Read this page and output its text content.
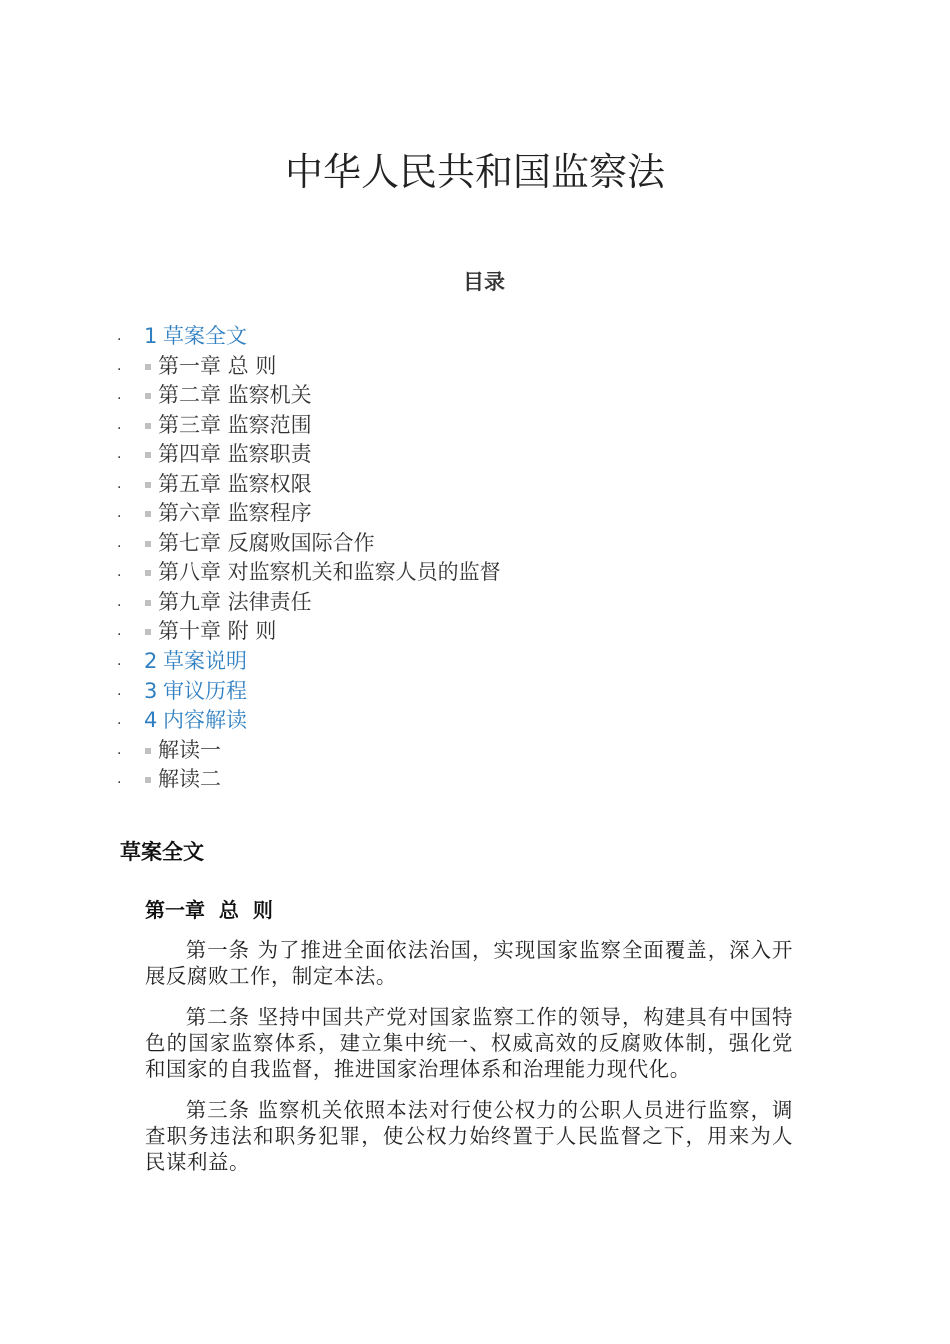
中华人民共和国监察法
目录
. 1 草案全文
. 第一章 总 则
. 第二章 监察机关
. 第三章 监察范围
. 第四章 监察职责
. 第五章 监察权限
. 第六章 监察程序
. 第七章 反腐败国际合作
. 第八章 对监察机关和监察人员的监督
. 第九章 法律责任
. 第十章 附 则
. 2 草案说明
. 3 审议历程
. 4 内容解读
. 解读一
. 解读二
草案全文
第一章  总  则

第一条 为了推进全面依法治国，实现国家监察全面覆盖，深入开展反腐败工作，制定本法。

第二条 坚持中国共产党对国家监察工作的领导，构建具有中国特色的国家监察体系，建立集中统一、权威高效的反腐败体制，强化党和国家的自我监督，推进国家治理体系和治理能力现代化。

第三条 监察机关依照本法对行使公权力的公职人员进行监察，调查职务违法和职务犯罪，使公权力始终置于人民监督之下，用来为人民谋利益。
